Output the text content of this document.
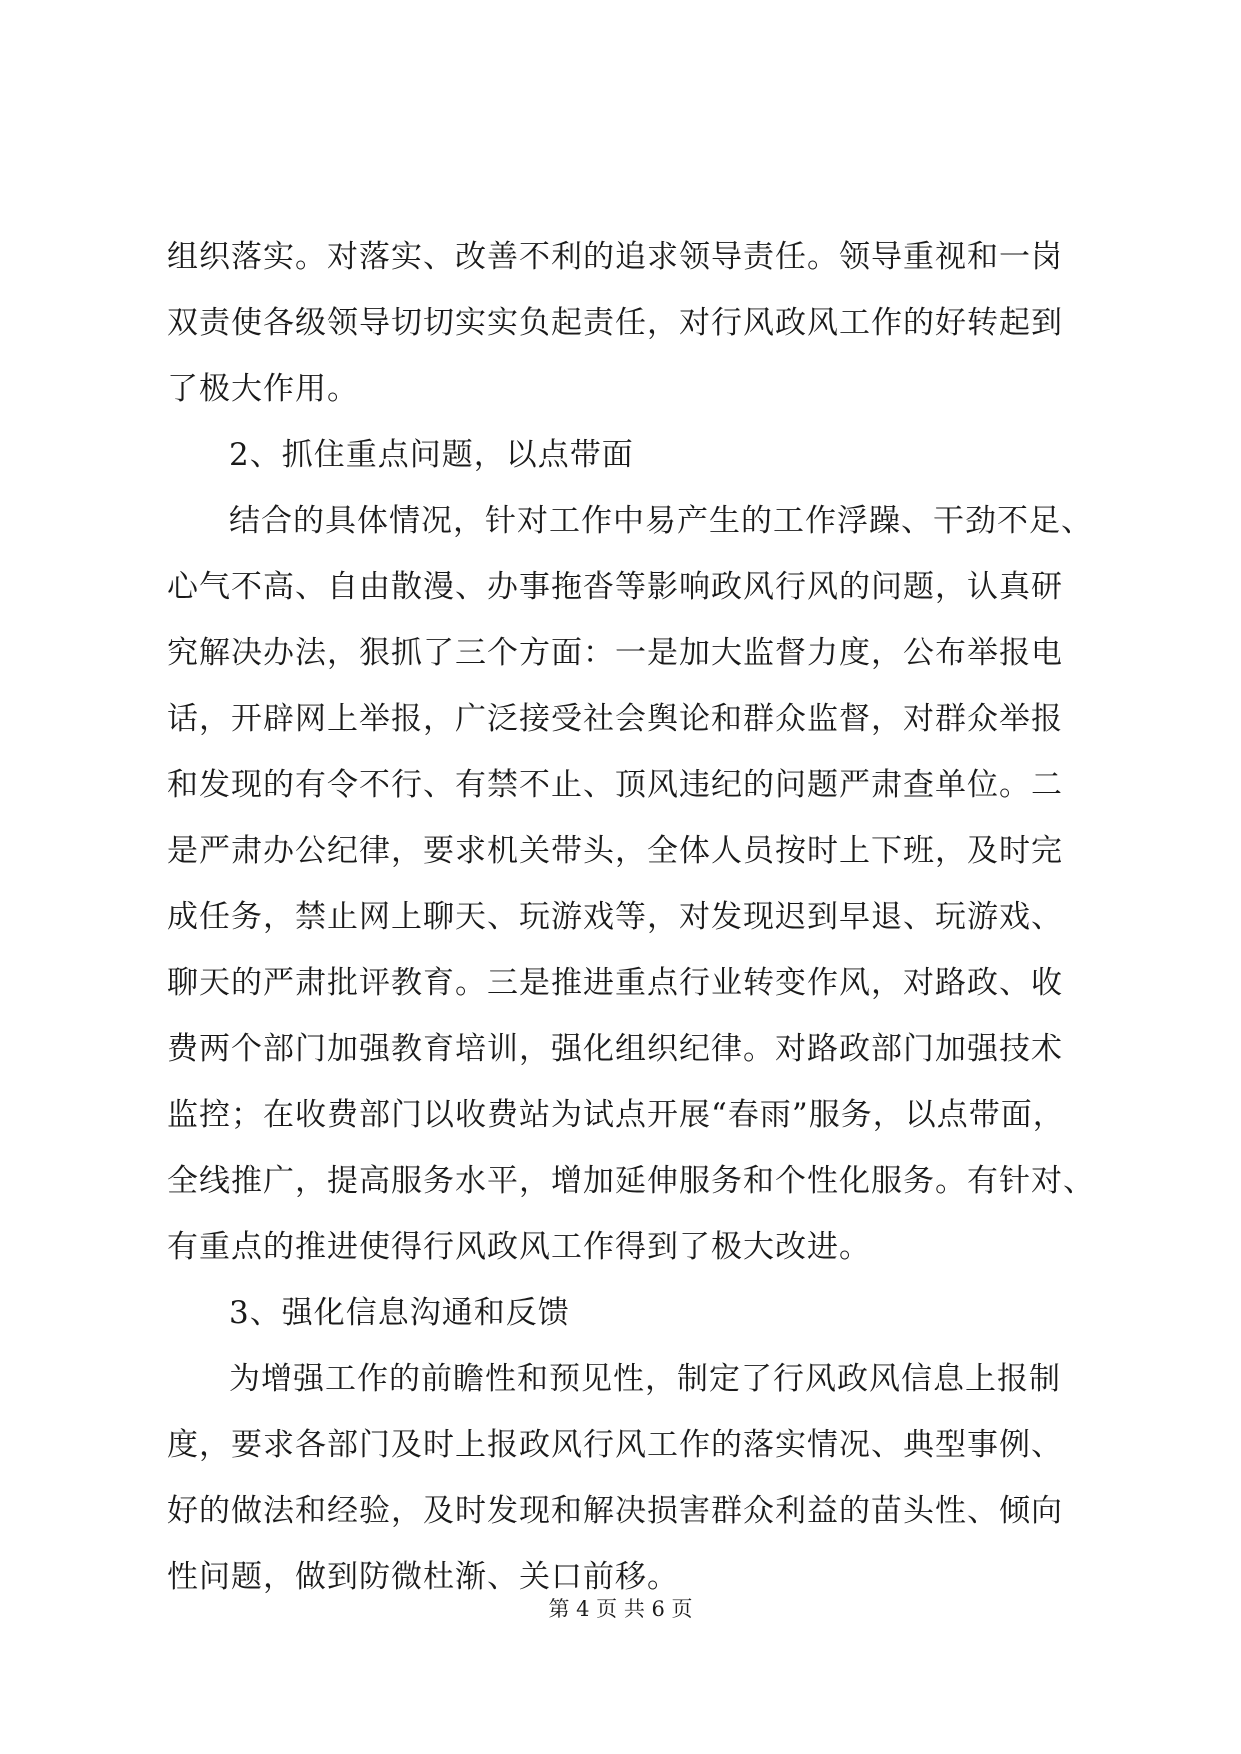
组织落实。对落实、改善不利的追求领导责任。领导重视和一岗
双责使各级领导切切实实负起责任，对行风政风工作的好转起到
了极大作用。
2、抓住重点问题，以点带面
结合的具体情况，针对工作中易产生的工作浮躁、干劲不足、
心气不高、自由散漫、办事拖沓等影响政风行风的问题，认真研
究解决办法，狠抓了三个方面：一是加大监督力度，公布举报电
话，开辟网上举报，广泛接受社会舆论和群众监督，对群众举报
和发现的有令不行、有禁不止、顶风违纪的问题严肃查单位。二
是严肃办公纪律，要求机关带头，全体人员按时上下班，及时完
成任务，禁止网上聊天、玩游戏等，对发现迟到早退、玩游戏、
聊天的严肃批评教育。三是推进重点行业转变作风，对路政、收
费两个部门加强教育培训，强化组织纪律。对路政部门加强技术
监控；在收费部门以收费站为试点开展“春雨”服务，以点带面，
全线推广，提高服务水平，增加延伸服务和个性化服务。有针对、
有重点的推进使得行风政风工作得到了极大改进。
3、强化信息沟通和反馈
为增强工作的前瞻性和预见性，制定了行风政风信息上报制
度，要求各部门及时上报政风行风工作的落实情况、典型事例、
好的做法和经验，及时发现和解决损害群众利益的苗头性、倾向
性问题，做到防微杜渐、关口前移。
第 4 页 共 6 页
